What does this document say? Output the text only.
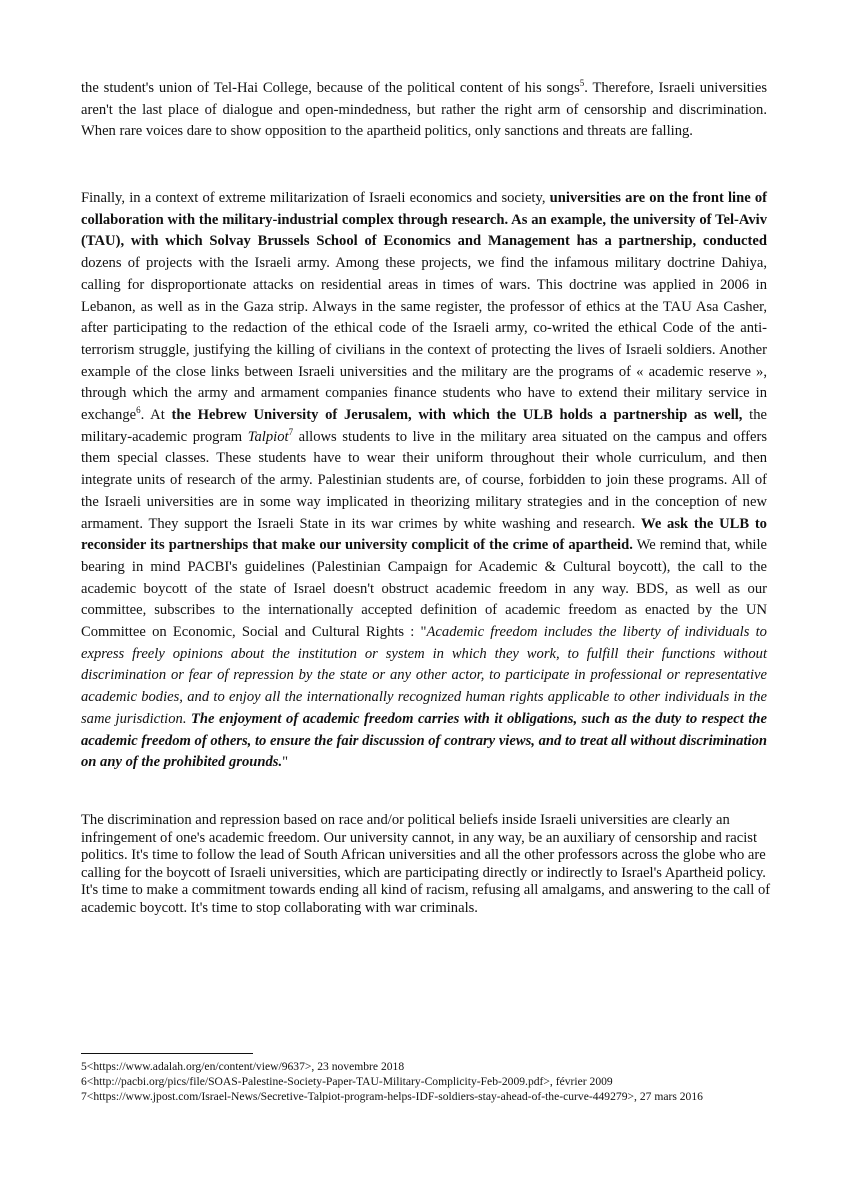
the student's union of Tel-Hai College, because of the political content of his songs$^5$. Therefore, Israeli universities aren't the last place of dialogue and open-mindedness, but rather the right arm of censorship and discrimination. When rare voices dare to show opposition to the apartheid politics, only sanctions and threats are falling.

Finally, in a context of extreme militarization of Israeli economics and society, universities are on the front line of collaboration with the military-industrial complex through research. As an example, the university of Tel-Aviv (TAU), with which Solvay Brussels School of Economics and Management has a partnership, conducted dozens of projects with the Israeli army. Among these projects, we find the infamous military doctrine Dahiya, calling for disproportionate attacks on residential areas in times of wars. This doctrine was applied in 2006 in Lebanon, as well as in the Gaza strip. Always in the same register, the professor of ethics at the TAU Asa Casher, after participating to the redaction of the ethical code of the Israeli army, co-writed the ethical Code of the anti-terrorism struggle, justifying the killing of civilians in the context of protecting the lives of Israeli soldiers. Another example of the close links between Israeli universities and the military are the programs of « academic reserve », through which the army and armament companies finance students who have to extend their military service in exchange$^6$. At the Hebrew University of Jerusalem, with which the ULB holds a partnership as well, the military-academic program Talpiot$^7$ allows students to live in the military area situated on the campus and offers them special classes. These students have to wear their uniform throughout their whole curriculum, and then integrate units of research of the army. Palestinian students are, of course, forbidden to join these programs. All of the Israeli universities are in some way implicated in theorizing military strategies and in the conception of new armament. They support the Israeli State in its war crimes by white washing and research. We ask the ULB to reconsider its partnerships that make our university complicit of the crime of apartheid. We remind that, while bearing in mind PACBI's guidelines (Palestinian Campaign for Academic & Cultural boycott), the call to the academic boycott of the state of Israel doesn't obstruct academic freedom in any way. BDS, as well as our committee, subscribes to the internationally accepted definition of academic freedom as enacted by the UN Committee on Economic, Social and Cultural Rights : "Academic freedom includes the liberty of individuals to express freely opinions about the institution or system in which they work, to fulfill their functions without discrimination or fear of repression by the state or any other actor, to participate in professional or representative academic bodies, and to enjoy all the internationally recognized human rights applicable to other individuals in the same jurisdiction. The enjoyment of academic freedom carries with it obligations, such as the duty to respect the academic freedom of others, to ensure the fair discussion of contrary views, and to treat all without discrimination on any of the prohibited grounds."

The discrimination and repression based on race and/or political beliefs inside Israeli universities are clearly an infringement of one's academic freedom. Our university cannot, in any way, be an auxiliary of censorship and racist politics. It's time to follow the lead of South African universities and all the other professors across the globe who are calling for the boycott of Israeli universities, which are participating directly or indirectly to Israel's Apartheid policy. It's time to make a commitment towards ending all kind of racism, refusing all amalgams, and answering to the call of academic boycott. It's time to stop collaborating with war criminals.

5<https://www.adalah.org/en/content/view/9637>, 23 novembre 2018

6<http://pacbi.org/pics/file/SOAS-Palestine-Society-Paper-TAU-Military-Complicity-Feb-2009.pdf>, février 2009

7<https://www.jpost.com/Israel-News/Secretive-Talpiot-program-helps-IDF-soldiers-stay-ahead-of-the-curve-449279>, 27 mars 2016
